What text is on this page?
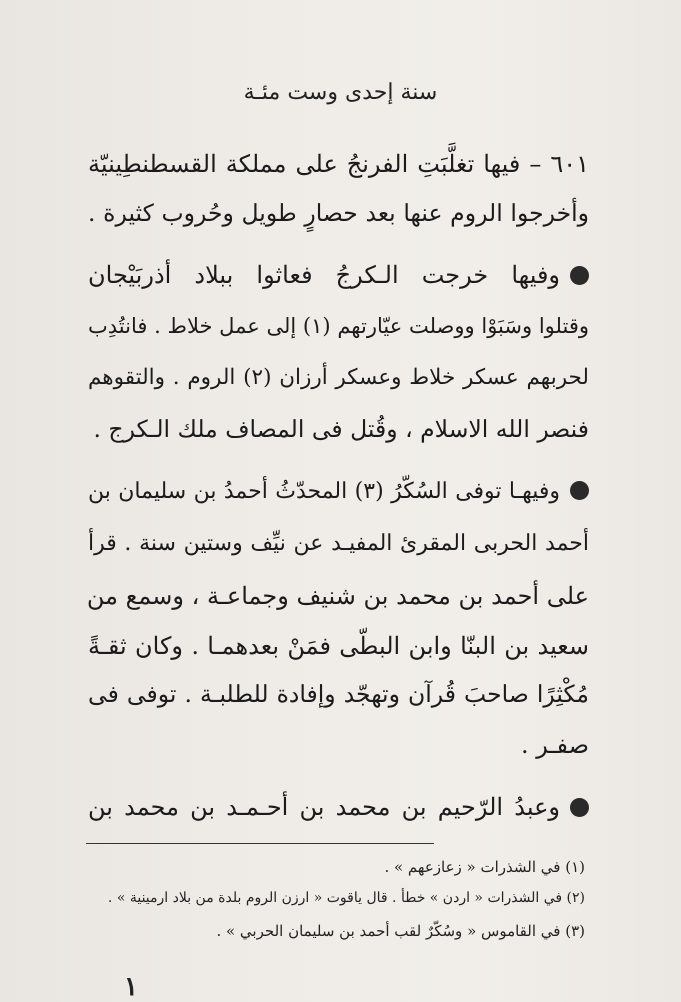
سنة إحدى وست مئـة
٦٠١ – فيها تغلَّبَتِ الفرنجُ على مملكة القسطنطِينيّة
وأخرجوا الروم عنها بعد حصارٍ طويل وحُروب كثيرة .
وفيها خرجت الـكرجُ فعاثوا ببلاد أذربَيْجان
وقتلوا وسَبَوْا ووصلت عيّارتهم (١) إلى عمل خلاط . فانتُدِب
لحربهم عسكر خلاط وعسكر أرزان (٢) الروم . والتقوهم
فنصر الله الاسلام ، وقُتل فى المصاف ملك الـكرج .
وفيهـا توفى السُكّرُ (٣) المحدّثُ أحمدُ بن سليمان بن
أحمد الحربى المقرئ المفيـد عن نيِّف وستين سنة . قرأ
على أحمد بن محمد بن شنيف وجماعـة ، وسمع من
سعيد بن البنّا وابن البطّى فمَنْ بعدهمـا . وكان ثقـةً
مُكْثِرًا صاحبَ قُرآن وتهجّد وإفادة للطلبـة . توفى فى
صفـر .
وعبدُ الرّحيم بن محمد بن أحـمـد بن محمد بن
(١) في الشذرات « زعازعهم » .
(٢) في الشذرات « اردن » خطأ . قال ياقوت « ارزن الروم بلدة من بلاد ارمينية » .
(٣) في القاموس « وسُكّرٌ لقب أحمد بن سليمان الحربي » .
١
